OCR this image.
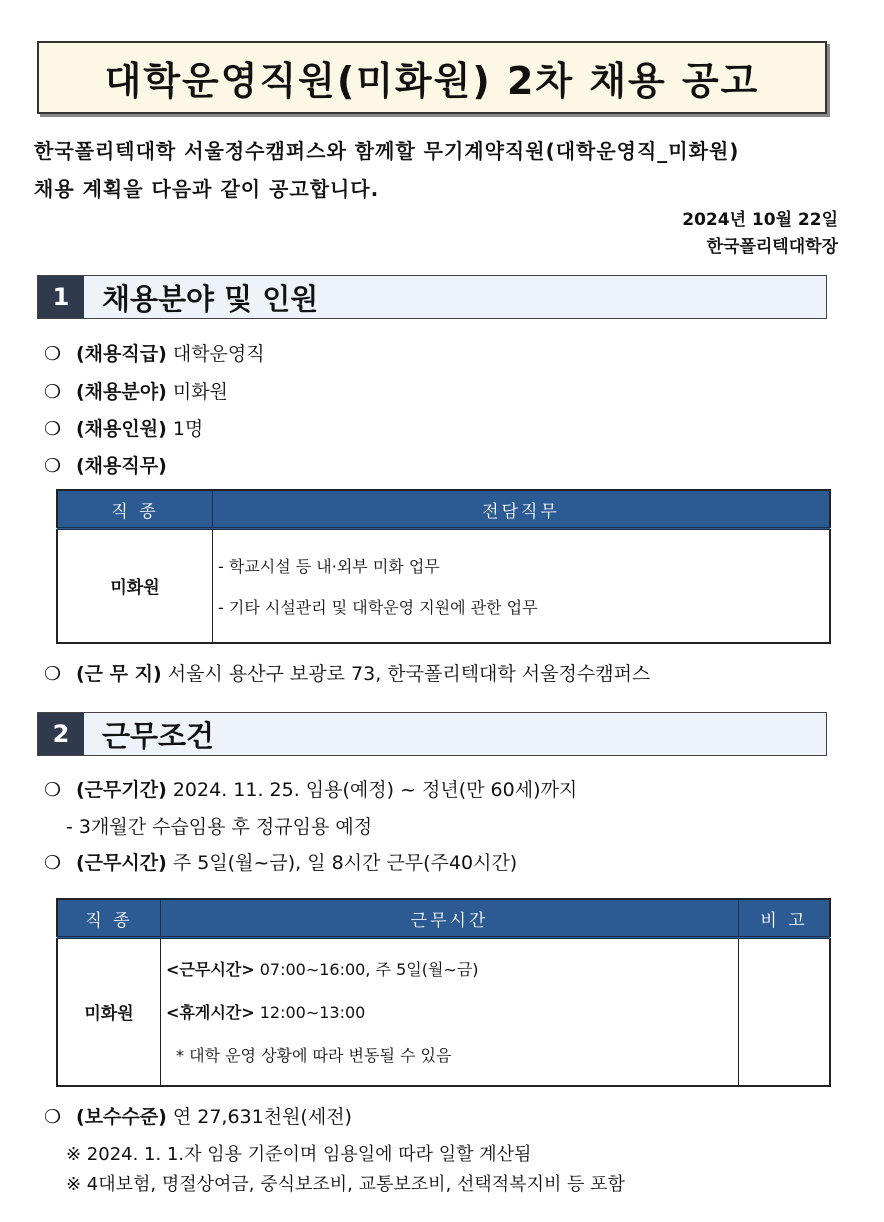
대학운영직원(미화원) 2차 채용 공고
한국폴리텍대학 서울정수캠퍼스와 함께할 무기계약직원(대학운영직_미화원)
채용 계획을 다음과 같이 공고합니다.
2024년 10월 22일
한국폴리텍대학장
1	채용분야 및 인원
❍ (채용직급) 대학운영직
❍ (채용분야) 미화원
❍ (채용인원) 1명
❍ (채용직무)
직 종	전담직무
미화원	- 학교시설 등 내·외부 미화 업무
- 기타 시설관리 및 대학운영 지원에 관한 업무
❍ (근 무 지) 서울시 용산구 보광로 73, 한국폴리텍대학 서울정수캠퍼스
2	근무조건
❍ (근무기간) 2024. 11. 25. 임용(예정) ~ 정년(만 60세)까지
- 3개월간 수습임용 후 정규임용 예정
❍ (근무시간) 주 5일(월~금), 일 8시간 근무(주40시간)
직 종	근무시간	비 고
미화원	<근무시간> 07:00∼16:00, 주 5일(월∼금)
<휴게시간> 12:00∼13:00
* 대학 운영 상황에 따라 변동될 수 있음	

❍ (보수수준) 연 27,631천원(세전)
※ 2024. 1. 1.자 임용 기준이며 임용일에 따라 일할 계산됨
※ 4대보험, 명절상여금, 중식보조비, 교통보조비, 선택적복지비 등 포함
